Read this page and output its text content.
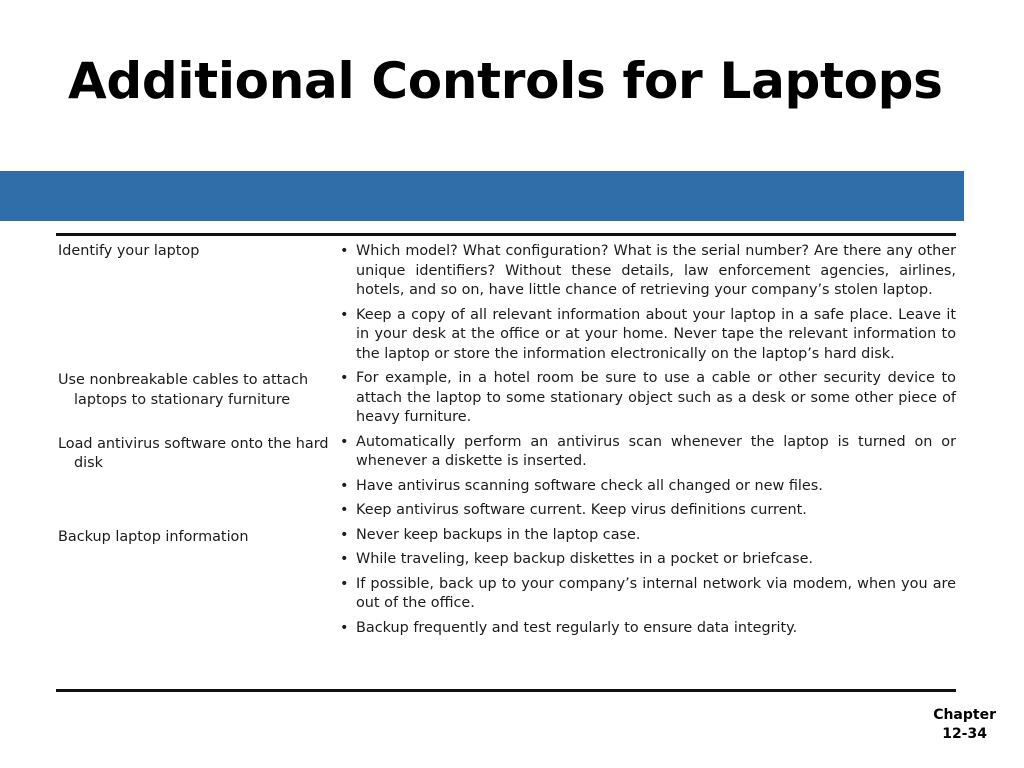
Additional Controls for Laptops
Identify your laptop	• Which model? What configuration? What is the serial number? Are there any other unique identifiers? Without these details, law enforcement agencies, airlines, hotels, and so on, have little chance of retrieving your company’s stolen laptop.
• Keep a copy of all relevant information about your laptop in a safe place. Leave it in your desk at the office or at your home. Never tape the relevant information to the laptop or store the information electronically on the laptop’s hard disk.
Use nonbreakable cables to attach laptops to stationary furniture
• For example, in a hotel room be sure to use a cable or other security device to attach the laptop to some stationary object such as a desk or some other piece of heavy furniture.
Load antivirus software onto the hard disk
• Automatically perform an antivirus scan whenever the laptop is turned on or whenever a diskette is inserted.
• Have antivirus scanning software check all changed or new files.
• Keep antivirus software current. Keep virus definitions current.
Backup laptop information	• Never keep backups in the laptop case.
• While traveling, keep backup diskettes in a pocket or briefcase.
• If possible, back up to your company’s internal network via modem, when you are out of the office.
• Backup frequently and test regularly to ensure data integrity.
Chapter
12-34
